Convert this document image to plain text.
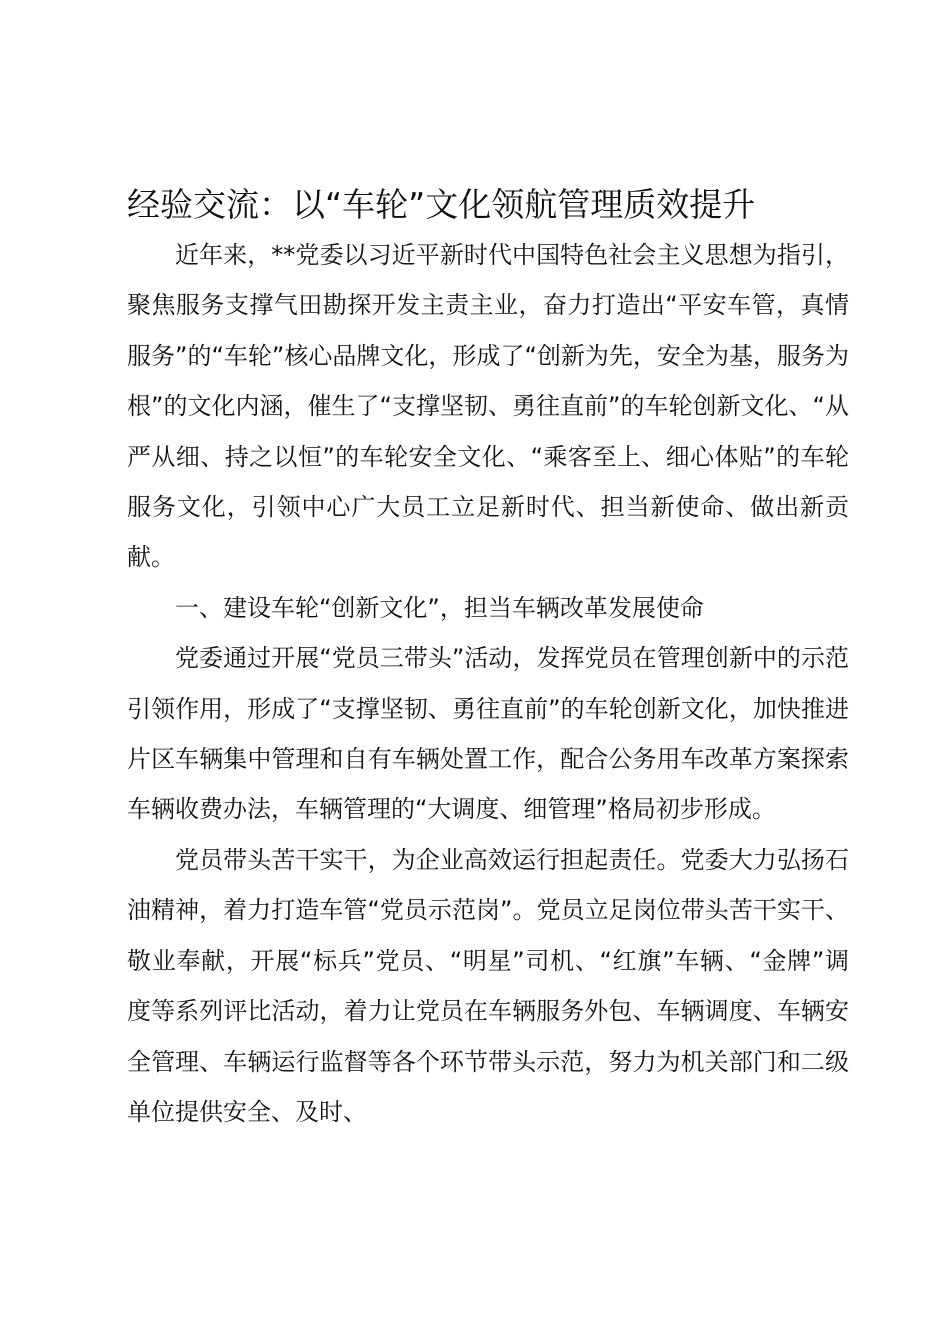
经验交流：以“车轮”文化领航管理质效提升

近年来，**党委以习近平新时代中国特色社会主义思想为指引，聚焦服务支撑气田勘探开发主责主业，奋力打造出“平安车管，真情服务”的“车轮”核心品牌文化，形成了“创新为先，安全为基，服务为根”的文化内涵，催生了“支撑坚韧、勇往直前”的车轮创新文化、“从严从细、持之以恒”的车轮安全文化、“乘客至上、细心体贴”的车轮服务文化，引领中心广大员工立足新时代、担当新使命、做出新贡献。

一、建设车轮“创新文化”，担当车辆改革发展使命

党委通过开展“党员三带头”活动，发挥党员在管理创新中的示范引领作用，形成了“支撑坚韧、勇往直前”的车轮创新文化，加快推进片区车辆集中管理和自有车辆处置工作，配合公务用车改革方案探索车辆收费办法，车辆管理的“大调度、细管理”格局初步形成。

党员带头苦干实干，为企业高效运行担起责任。党委大力弘扬石油精神，着力打造车管“党员示范岗”。党员立足岗位带头苦干实干、敬业奉献，开展“标兵”党员、“明星”司机、“红旗”车辆、“金牌”调度等系列评比活动，着力让党员在车辆服务外包、车辆调度、车辆安全管理、车辆运行监督等各个环节带头示范，努力为机关部门和二级单位提供安全、及时、
